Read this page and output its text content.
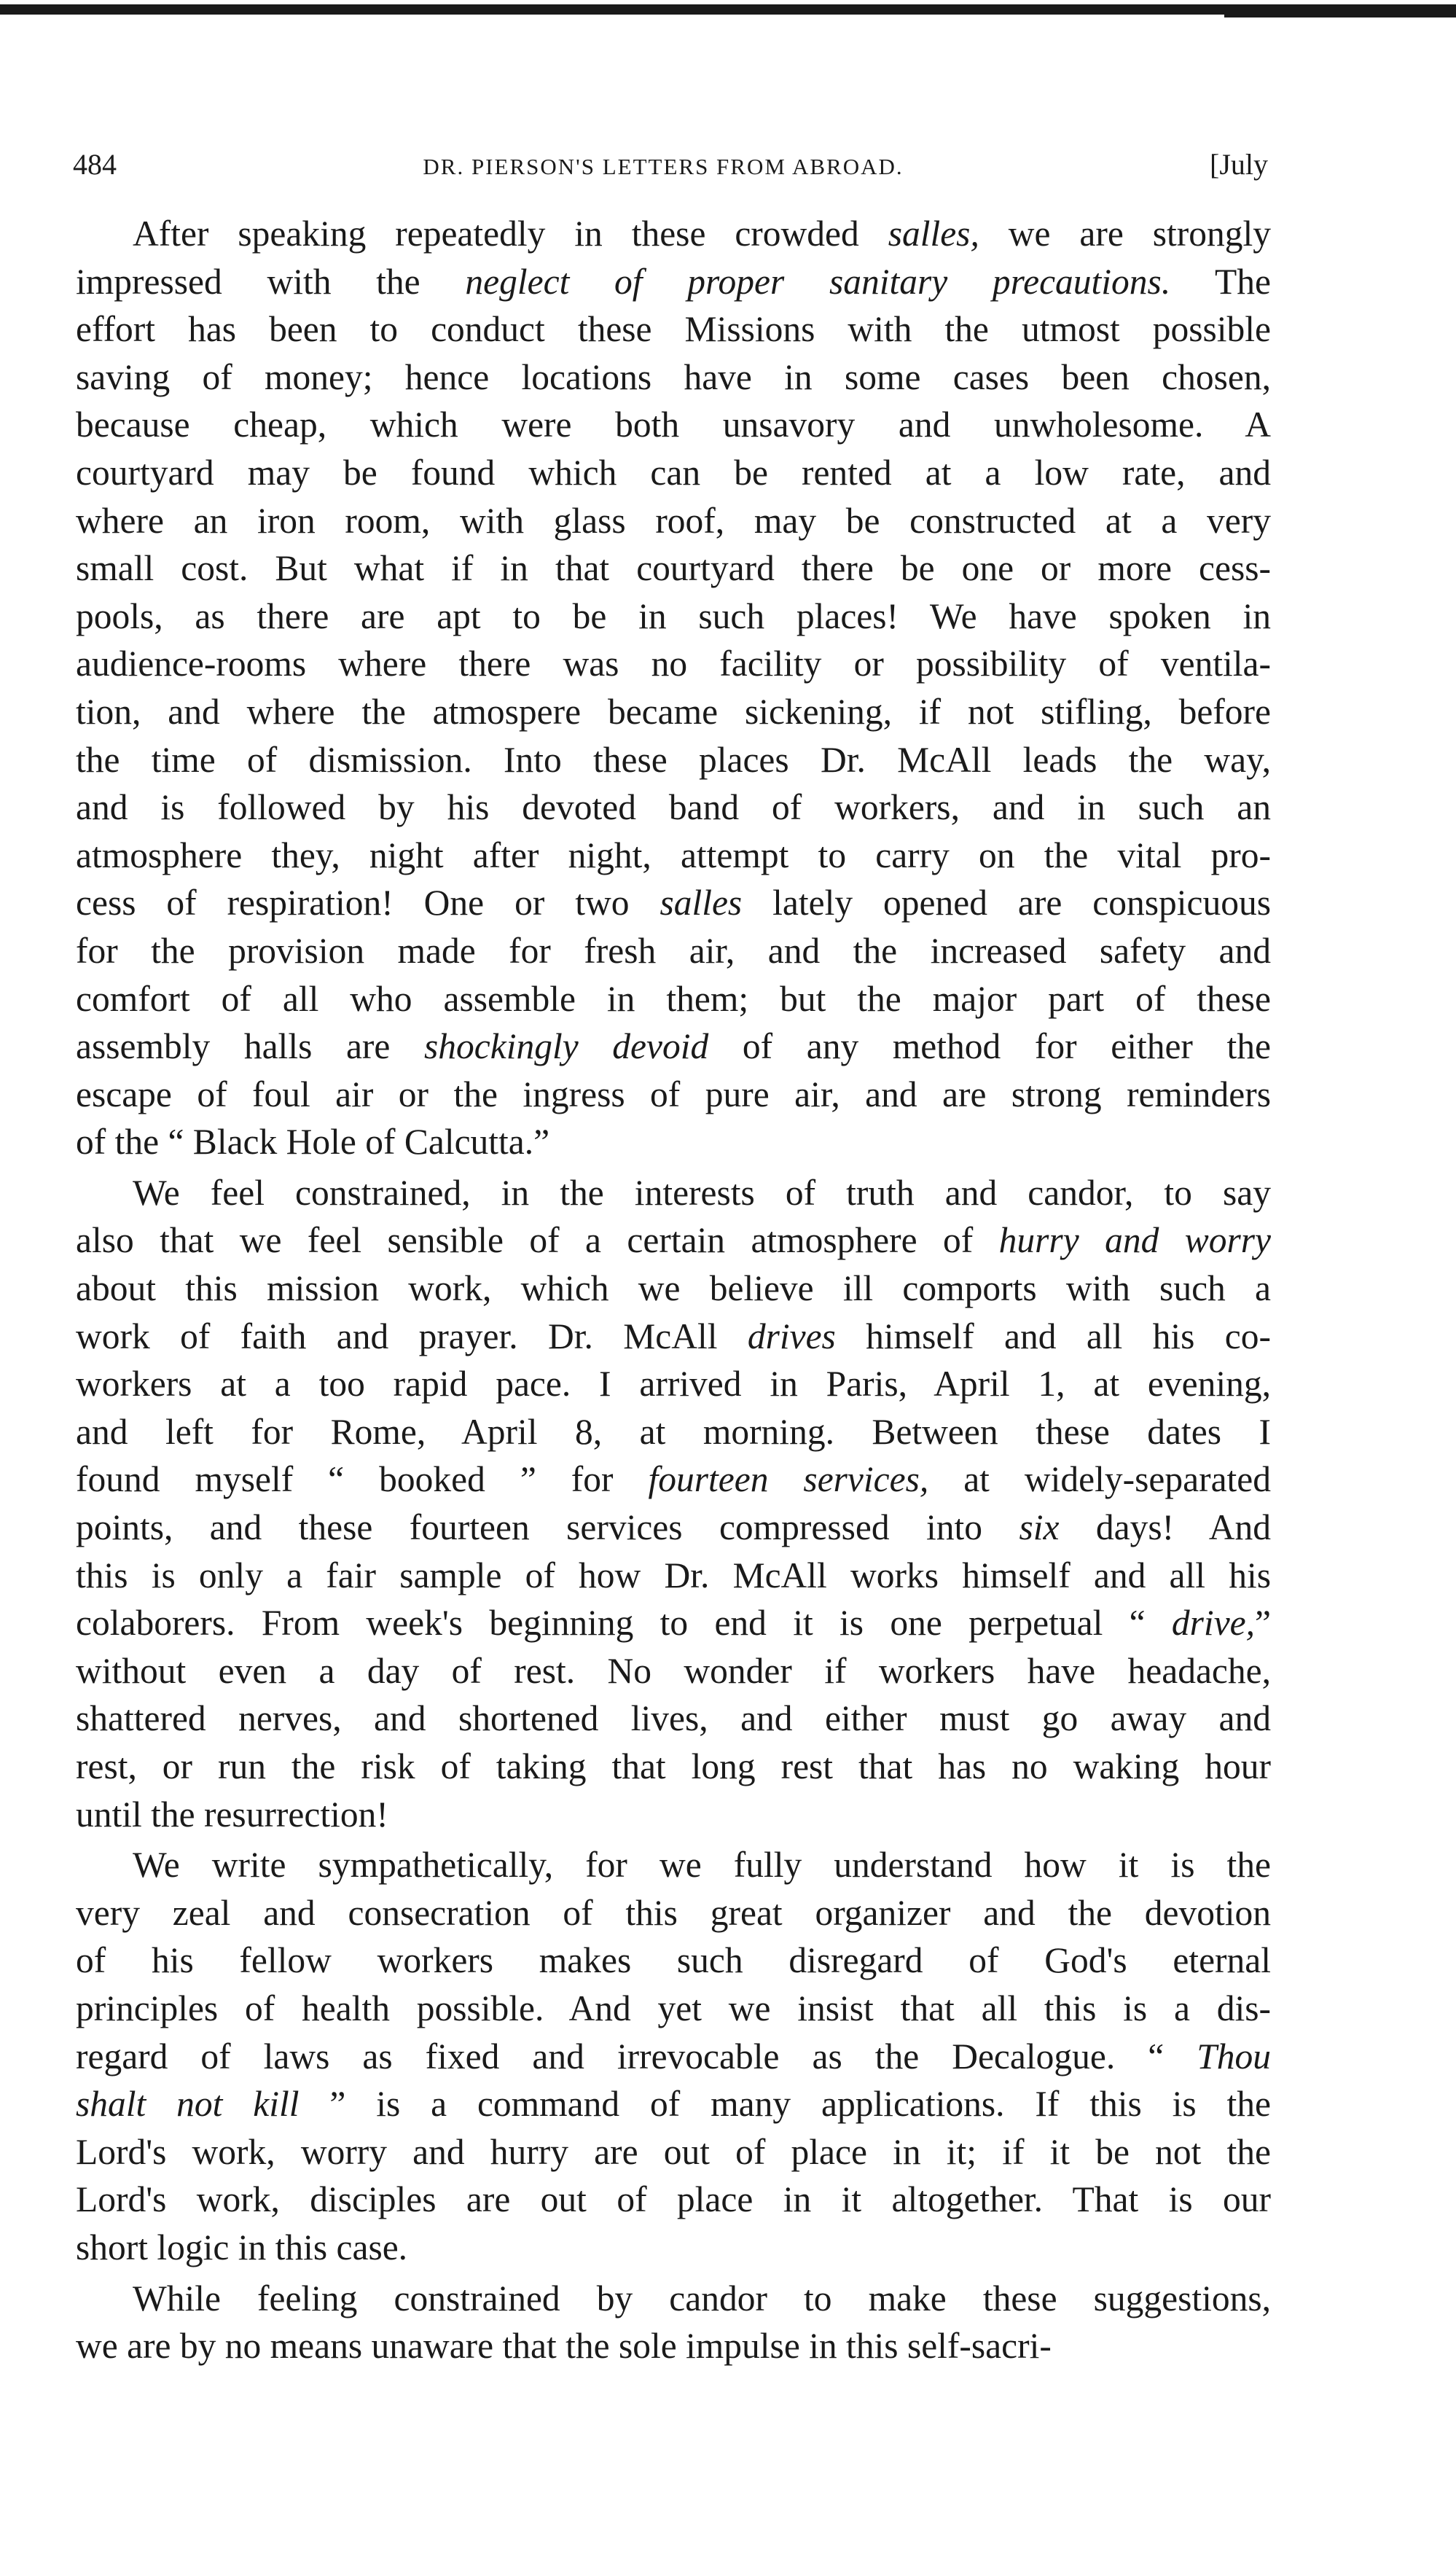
484	DR. PIERSON'S LETTERS FROM ABROAD.	[July
After speaking repeatedly in these crowded salles, we are strongly
impressed with the neglect of proper sanitary precautions. The
effort has been to conduct these Missions with the utmost possible
saving of money; hence locations have in some cases been chosen,
because cheap, which were both unsavory and unwholesome. A
courtyard may be found which can be rented at a low rate, and
where an iron room, with glass roof, may be constructed at a very
small cost. But what if in that courtyard there be one or more cess-
pools, as there are apt to be in such places! We have spoken in
audience-rooms where there was no facility or possibility of ventila-
tion, and where the atmospere became sickening, if not stifling, before
the time of dismission. Into these places Dr. McAll leads the way,
and is followed by his devoted band of workers, and in such an
atmosphere they, night after night, attempt to carry on the vital pro-
cess of respiration! One or two salles lately opened are conspicuous
for the provision made for fresh air, and the increased safety and
comfort of all who assemble in them; but the major part of these
assembly halls are shockingly devoid of any method for either the
escape of foul air or the ingress of pure air, and are strong reminders
of the “ Black Hole of Calcutta.”
We feel constrained, in the interests of truth and candor, to say
also that we feel sensible of a certain atmosphere of hurry and worry
about this mission work, which we believe ill comports with such a
work of faith and prayer. Dr. McAll drives himself and all his co-
workers at a too rapid pace. I arrived in Paris, April 1, at evening,
and left for Rome, April 8, at morning. Between these dates I
found myself “ booked ” for fourteen services, at widely-separated
points, and these fourteen services compressed into six days! And
this is only a fair sample of how Dr. McAll works himself and all his
colaborers. From week's beginning to end it is one perpetual “ drive,”
without even a day of rest. No wonder if workers have headache,
shattered nerves, and shortened lives, and either must go away and
rest, or run the risk of taking that long rest that has no waking hour
until the resurrection!
We write sympathetically, for we fully understand how it is the
very zeal and consecration of this great organizer and the devotion
of his fellow workers makes such disregard of God's eternal
principles of health possible. And yet we insist that all this is a dis-
regard of laws as fixed and irrevocable as the Decalogue. “ Thou
shalt not kill ” is a command of many applications. If this is the
Lord's work, worry and hurry are out of place in it; if it be not the
Lord's work, disciples are out of place in it altogether. That is our
short logic in this case.
While feeling constrained by candor to make these suggestions,
we are by no means unaware that the sole impulse in this self-sacri-
